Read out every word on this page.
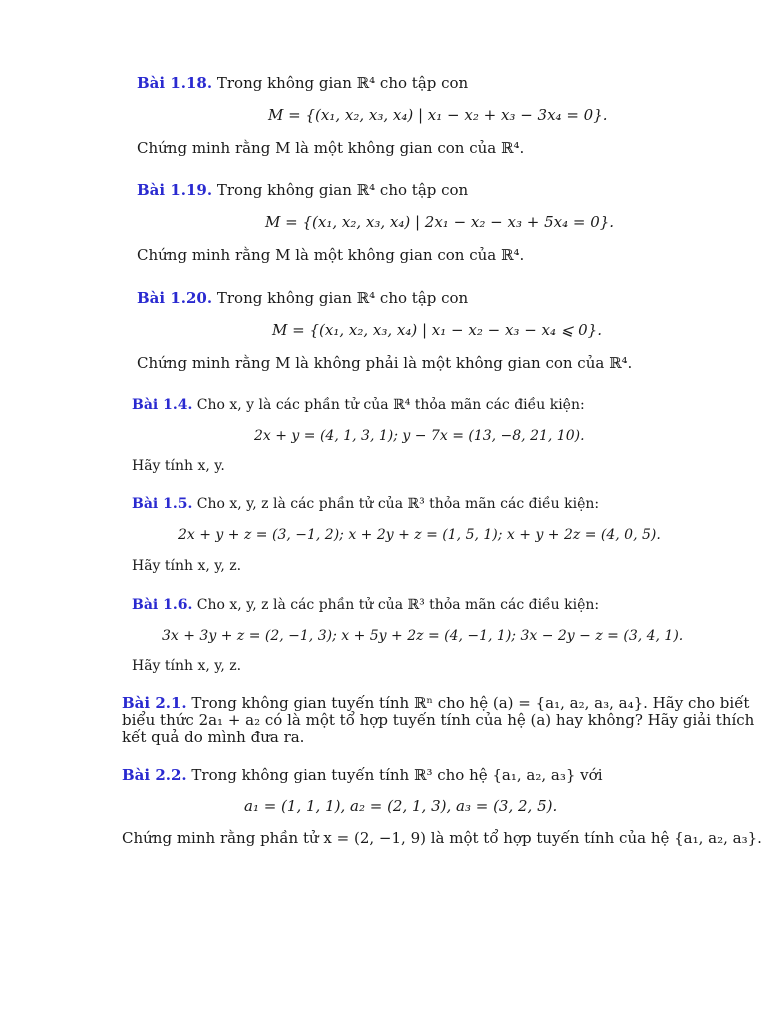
Bài 1.18. Trong không gian ℝ⁴ cho tập con
M = {(x₁, x₂, x₃, x₄) | x₁ − x₂ + x₃ − 3x₄ = 0}.
Chứng minh rằng M là một không gian con của ℝ⁴.
Bài 1.19. Trong không gian ℝ⁴ cho tập con
M = {(x₁, x₂, x₃, x₄) | 2x₁ − x₂ − x₃ + 5x₄ = 0}.
Chứng minh rằng M là một không gian con của ℝ⁴.
Bài 1.20. Trong không gian ℝ⁴ cho tập con
M = {(x₁, x₂, x₃, x₄) | x₁ − x₂ − x₃ − x₄ ⩽ 0}.
Chứng minh rằng M là không phải là một không gian con của ℝ⁴.
Bài 1.4. Cho x, y là các phần tử của ℝ⁴ thỏa mãn các điều kiện:
2x + y = (4, 1, 3, 1); y − 7x = (13, −8, 21, 10).
Hãy tính x, y.
Bài 1.5. Cho x, y, z là các phần tử của ℝ³ thỏa mãn các điều kiện:
2x + y + z = (3, −1, 2); x + 2y + z = (1, 5, 1); x + y + 2z = (4, 0, 5).
Hãy tính x, y, z.
Bài 1.6. Cho x, y, z là các phần tử của ℝ³ thỏa mãn các điều kiện:
3x + 3y + z = (2, −1, 3); x + 5y + 2z = (4, −1, 1); 3x − 2y − z = (3, 4, 1).
Hãy tính x, y, z.
Bài 2.1. Trong không gian tuyến tính ℝⁿ cho hệ (a) = {a₁, a₂, a₃, a₄}. Hãy cho biết
biểu thức 2a₁ + a₂ có là một tổ hợp tuyến tính của hệ (a) hay không? Hãy giải thích
kết quả do mình đưa ra.
Bài 2.2. Trong không gian tuyến tính ℝ³ cho hệ {a₁, a₂, a₃} với
a₁ = (1, 1, 1), a₂ = (2, 1, 3), a₃ = (3, 2, 5).
Chứng minh rằng phần tử x = (2, −1, 9) là một tổ hợp tuyến tính của hệ {a₁, a₂, a₃}.
